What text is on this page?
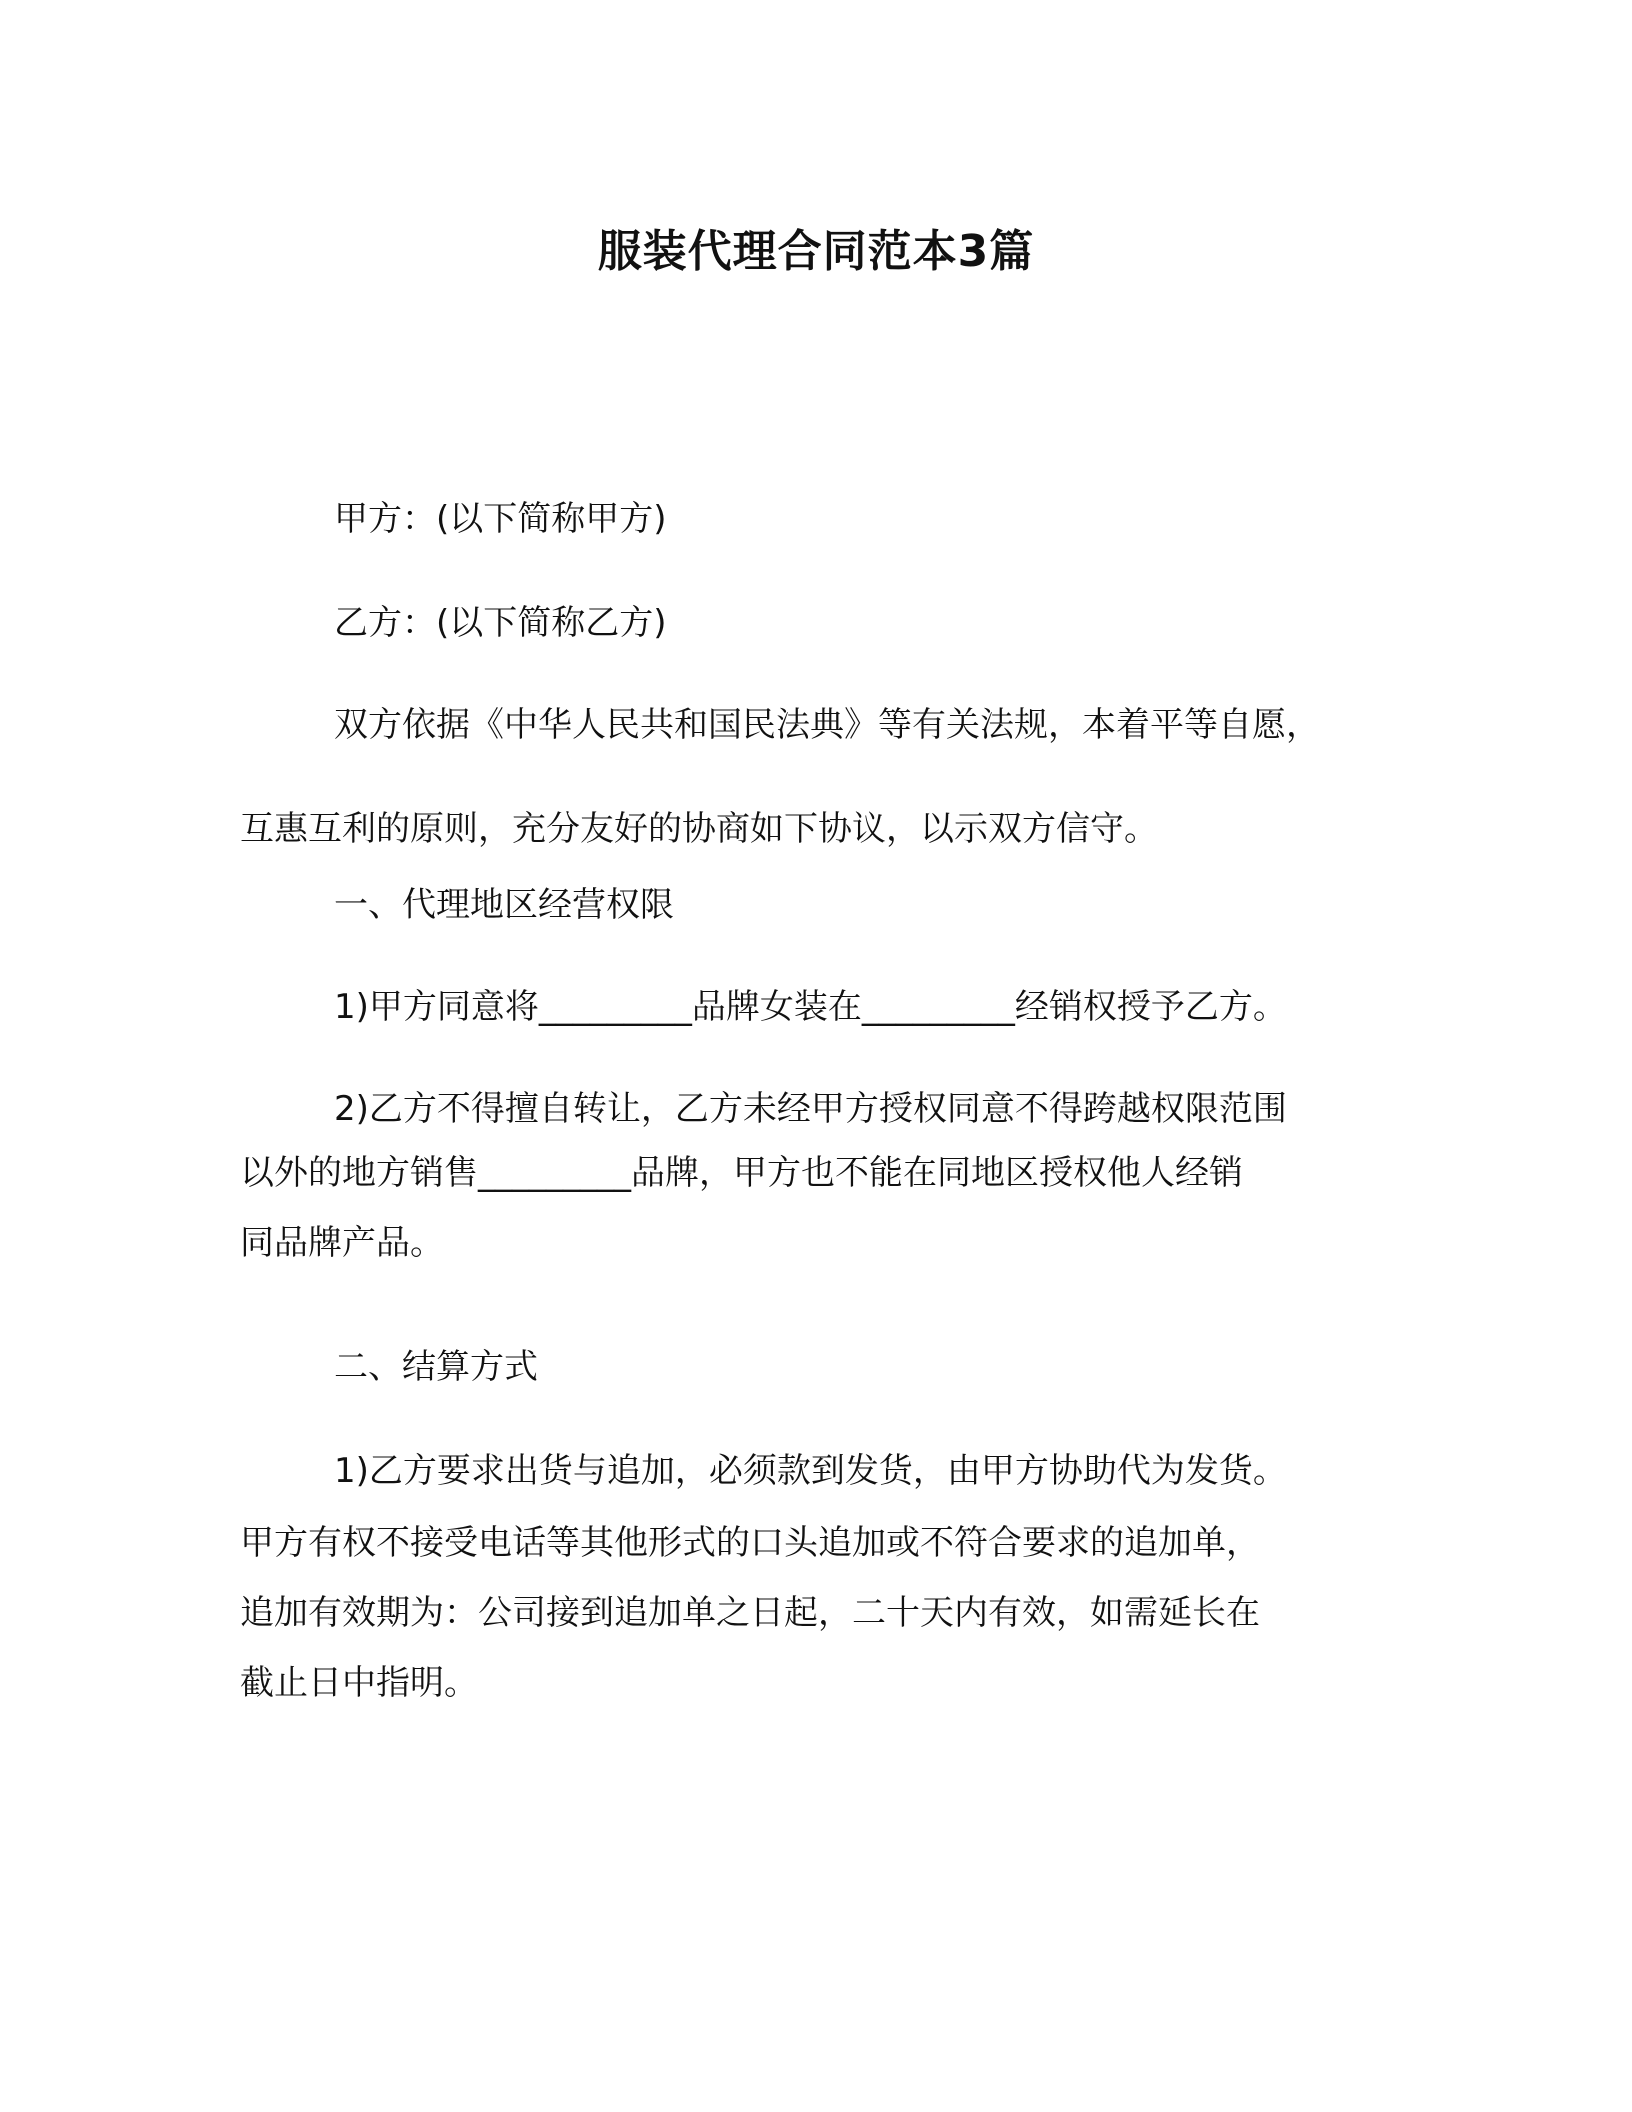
服装代理合同范本3篇
甲方：(以下简称甲方)
乙方：(以下简称乙方)
双方依据《中华人民共和国民法典》等有关法规，本着平等自愿，
互惠互利的原则，充分友好的协商如下协议，以示双方信守。
一、代理地区经营权限
1)甲方同意将_________品牌女装在_________经销权授予乙方。
2)乙方不得擅自转让，乙方未经甲方授权同意不得跨越权限范围
以外的地方销售_________品牌，甲方也不能在同地区授权他人经销
同品牌产品。
二、结算方式
1)乙方要求出货与追加，必须款到发货，由甲方协助代为发货。
甲方有权不接受电话等其他形式的口头追加或不符合要求的追加单，
追加有效期为：公司接到追加单之日起，二十天内有效，如需延长在
截止日中指明。
